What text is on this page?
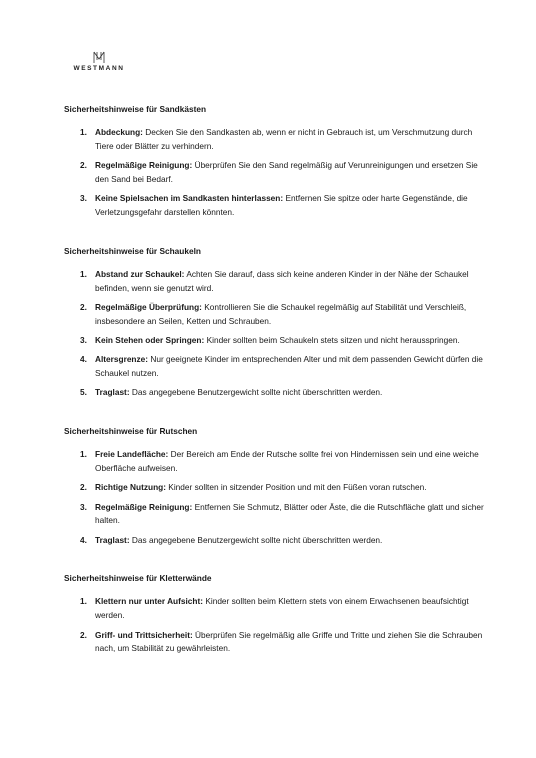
WESTMANN
Sicherheitshinweise für Sandkästen
1. Abdeckung: Decken Sie den Sandkasten ab, wenn er nicht in Gebrauch ist, um Verschmutzung durch Tiere oder Blätter zu verhindern.
2. Regelmäßige Reinigung: Überprüfen Sie den Sand regelmäßig auf Verunreinigungen und ersetzen Sie den Sand bei Bedarf.
3. Keine Spielsachen im Sandkasten hinterlassen: Entfernen Sie spitze oder harte Gegenstände, die Verletzungsgefahr darstellen könnten.
Sicherheitshinweise für Schaukeln
1. Abstand zur Schaukel: Achten Sie darauf, dass sich keine anderen Kinder in der Nähe der Schaukel befinden, wenn sie genutzt wird.
2. Regelmäßige Überprüfung: Kontrollieren Sie die Schaukel regelmäßig auf Stabilität und Verschleiß, insbesondere an Seilen, Ketten und Schrauben.
3. Kein Stehen oder Springen: Kinder sollten beim Schaukeln stets sitzen und nicht herausspringen.
4. Altersgrenze: Nur geeignete Kinder im entsprechenden Alter und mit dem passenden Gewicht dürfen die Schaukel nutzen.
5. Traglast: Das angegebene Benutzergewicht sollte nicht überschritten werden.
Sicherheitshinweise für Rutschen
1. Freie Landefläche: Der Bereich am Ende der Rutsche sollte frei von Hindernissen sein und eine weiche Oberfläche aufweisen.
2. Richtige Nutzung: Kinder sollten in sitzender Position und mit den Füßen voran rutschen.
3. Regelmäßige Reinigung: Entfernen Sie Schmutz, Blätter oder Äste, die die Rutschfläche glatt und sicher halten.
4. Traglast: Das angegebene Benutzergewicht sollte nicht überschritten werden.
Sicherheitshinweise für Kletterwände
1. Klettern nur unter Aufsicht: Kinder sollten beim Klettern stets von einem Erwachsenen beaufsichtigt werden.
2. Griff- und Trittsicherheit: Überprüfen Sie regelmäßig alle Griffe und Tritte und ziehen Sie die Schrauben nach, um Stabilität zu gewährleisten.
